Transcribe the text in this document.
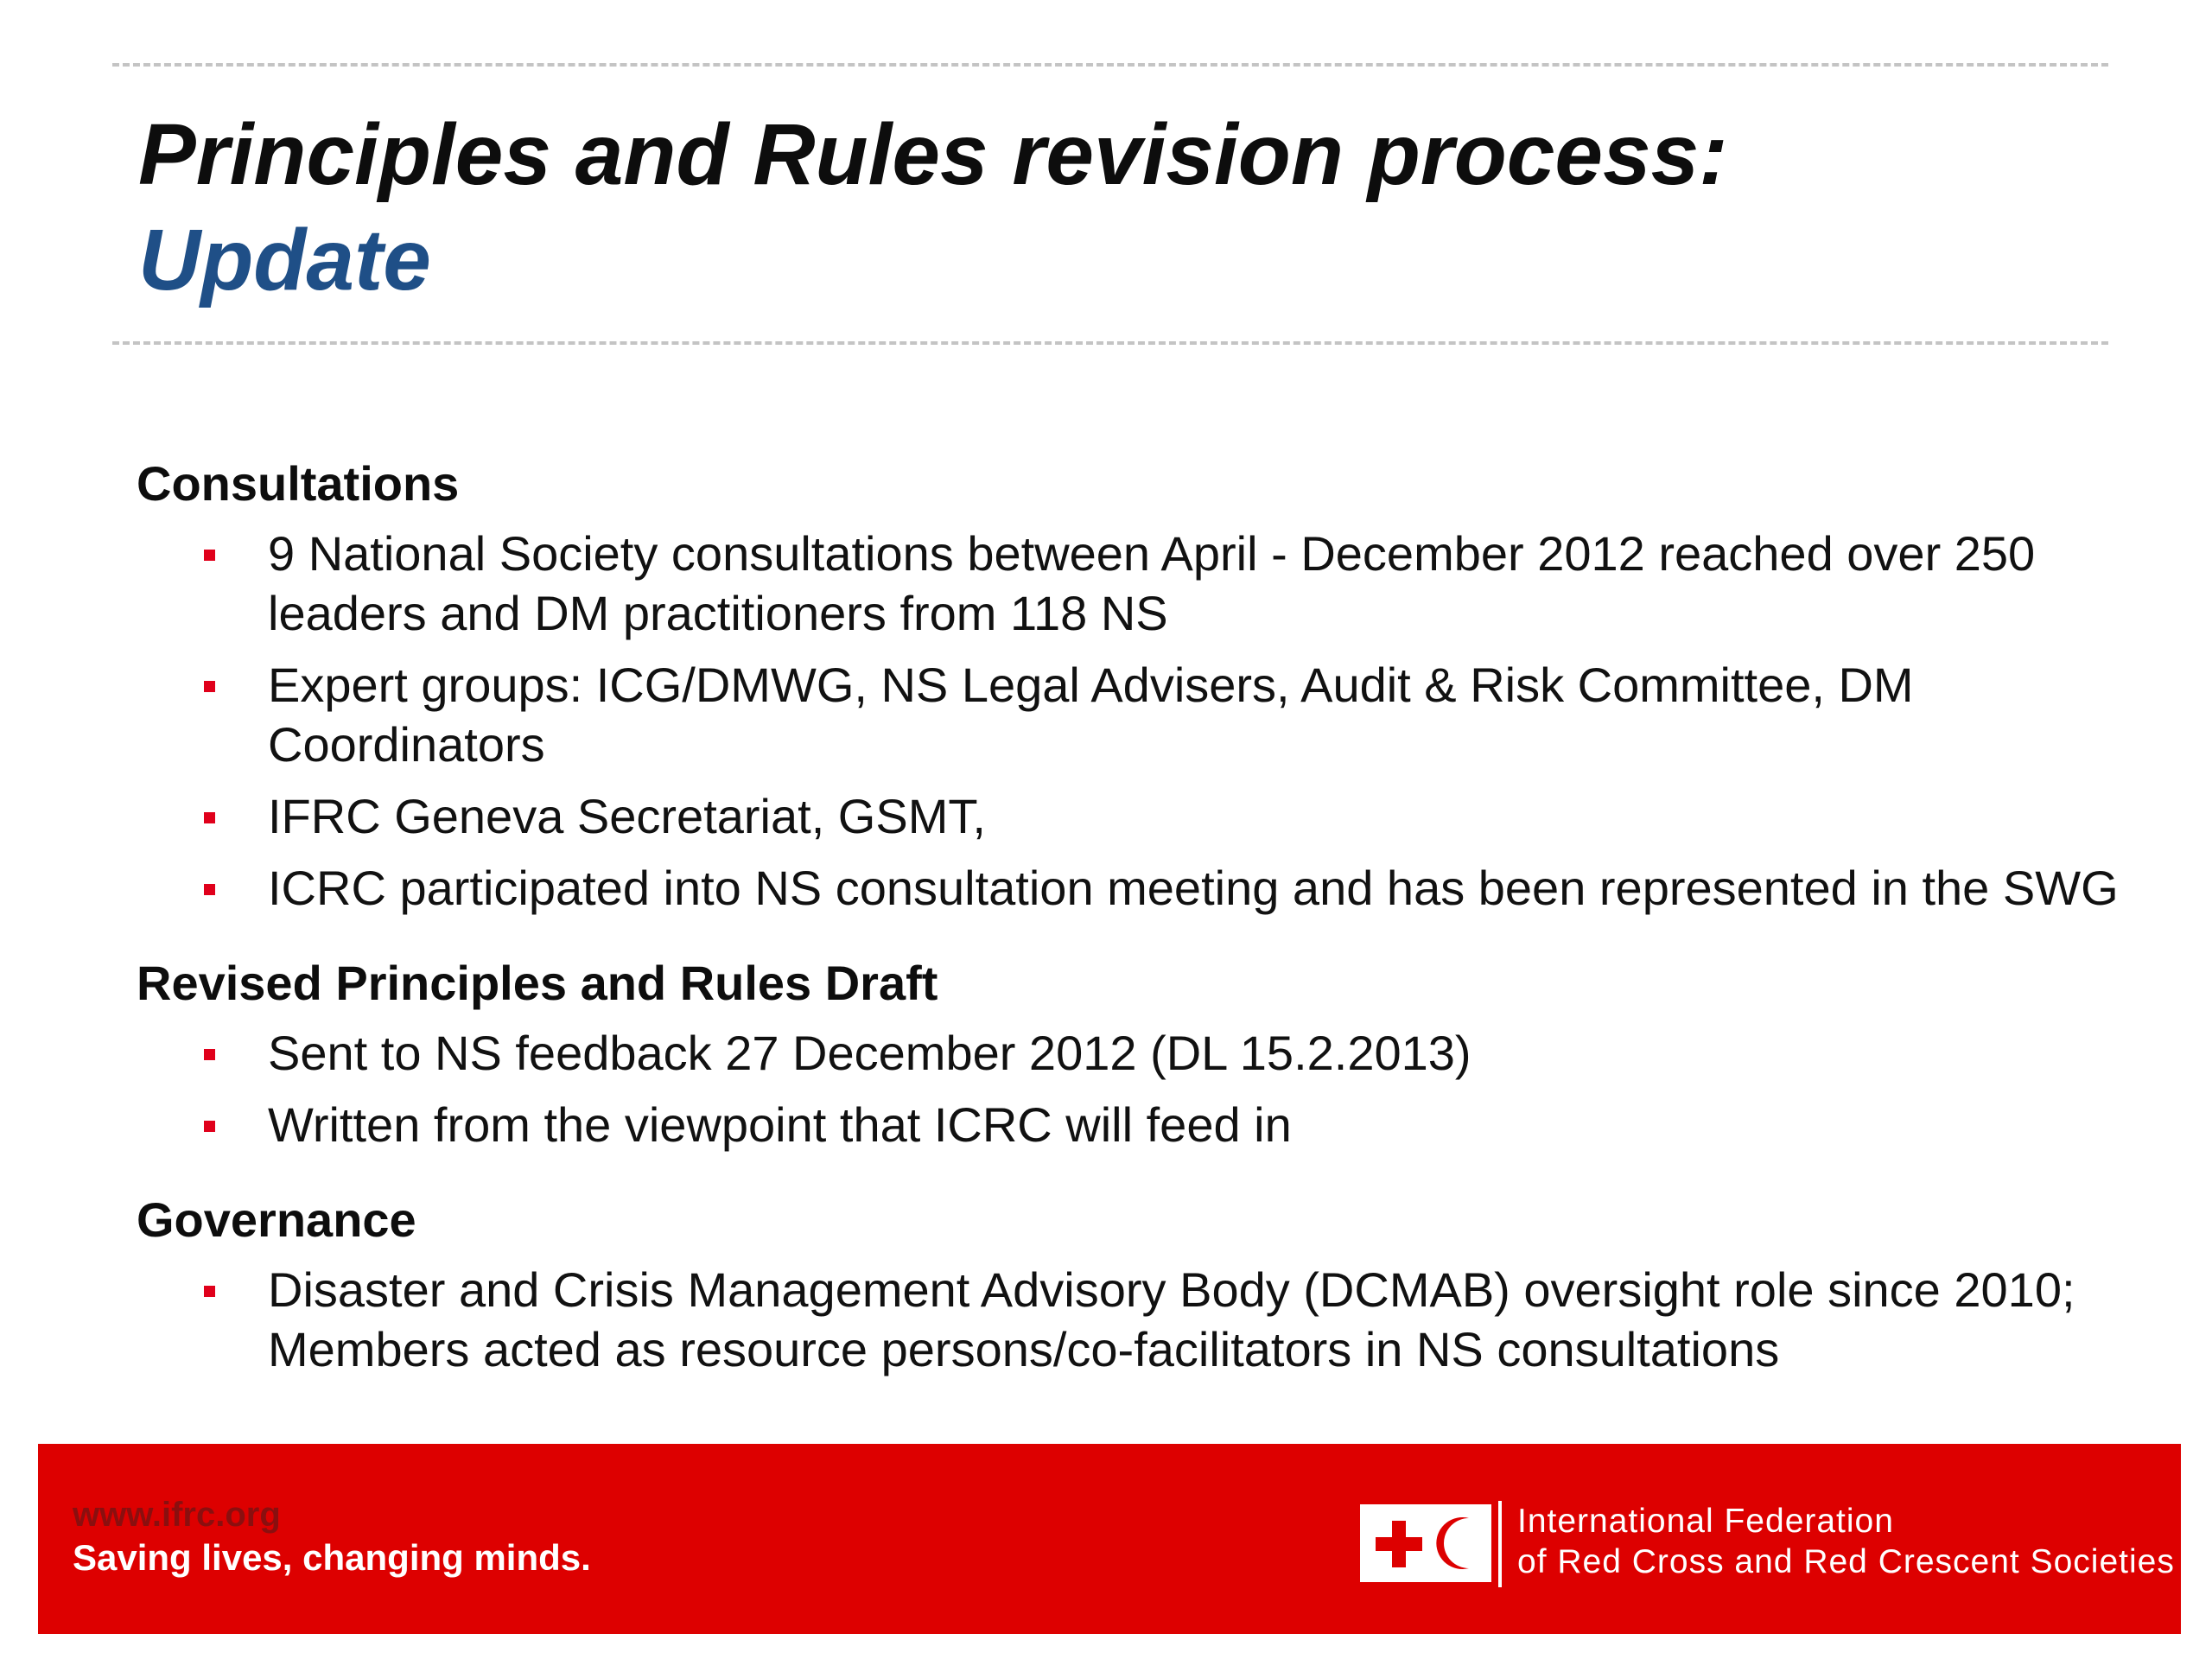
Principles and Rules revision process:
Update
Consultations
9 National Society consultations between April - December 2012 reached over 250 leaders and DM practitioners from 118 NS
Expert groups: ICG/DMWG, NS Legal Advisers, Audit & Risk Committee, DM Coordinators
IFRC Geneva Secretariat, GSMT,
ICRC participated into NS consultation meeting and has been represented in the SWG
Revised Principles and Rules Draft
Sent to NS feedback 27 December 2012 (DL 15.2.2013)
Written from the viewpoint that ICRC will feed in
Governance
Disaster and Crisis Management Advisory Body (DCMAB) oversight role since 2010; Members acted as resource persons/co-facilitators in NS consultations

www.ifrc.org

Saving lives, changing minds.

International Federation
of Red Cross and Red Crescent Societies
